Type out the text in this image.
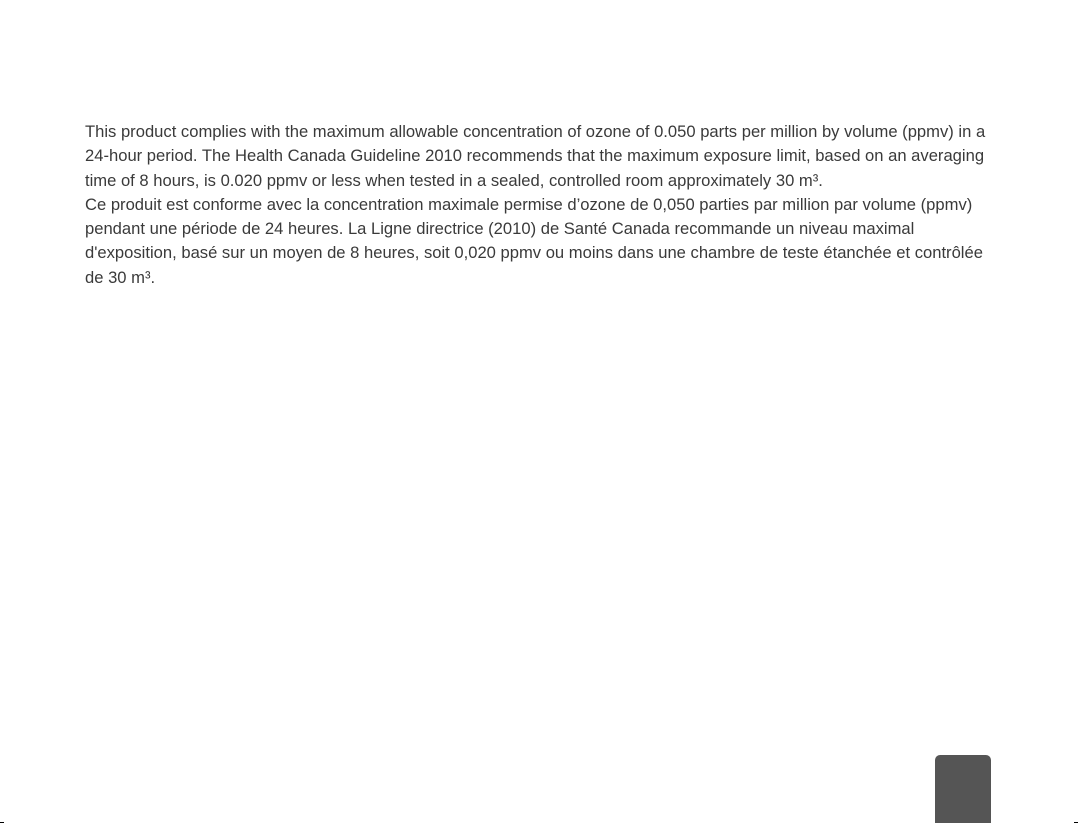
This product complies with the maximum allowable concentration of ozone of 0.050 parts per million by volume (ppmv) in a 24-hour period. The Health Canada Guideline 2010 recommends that the maximum exposure limit, based on an averaging time of 8 hours, is 0.020 ppmv or less when tested in a sealed, controlled room approximately 30 m³.

Ce produit est conforme avec la concentration maximale permise d’ozone de 0,050 parties par million par volume (ppmv) pendant une période de 24 heures. La Ligne directrice (2010) de Santé Canada recommande un niveau maximal d'exposition, basé sur un moyen de 8 heures, soit 0,020 ppmv ou moins dans une chambre de teste étanchée et contrôlée de 30 m³.
